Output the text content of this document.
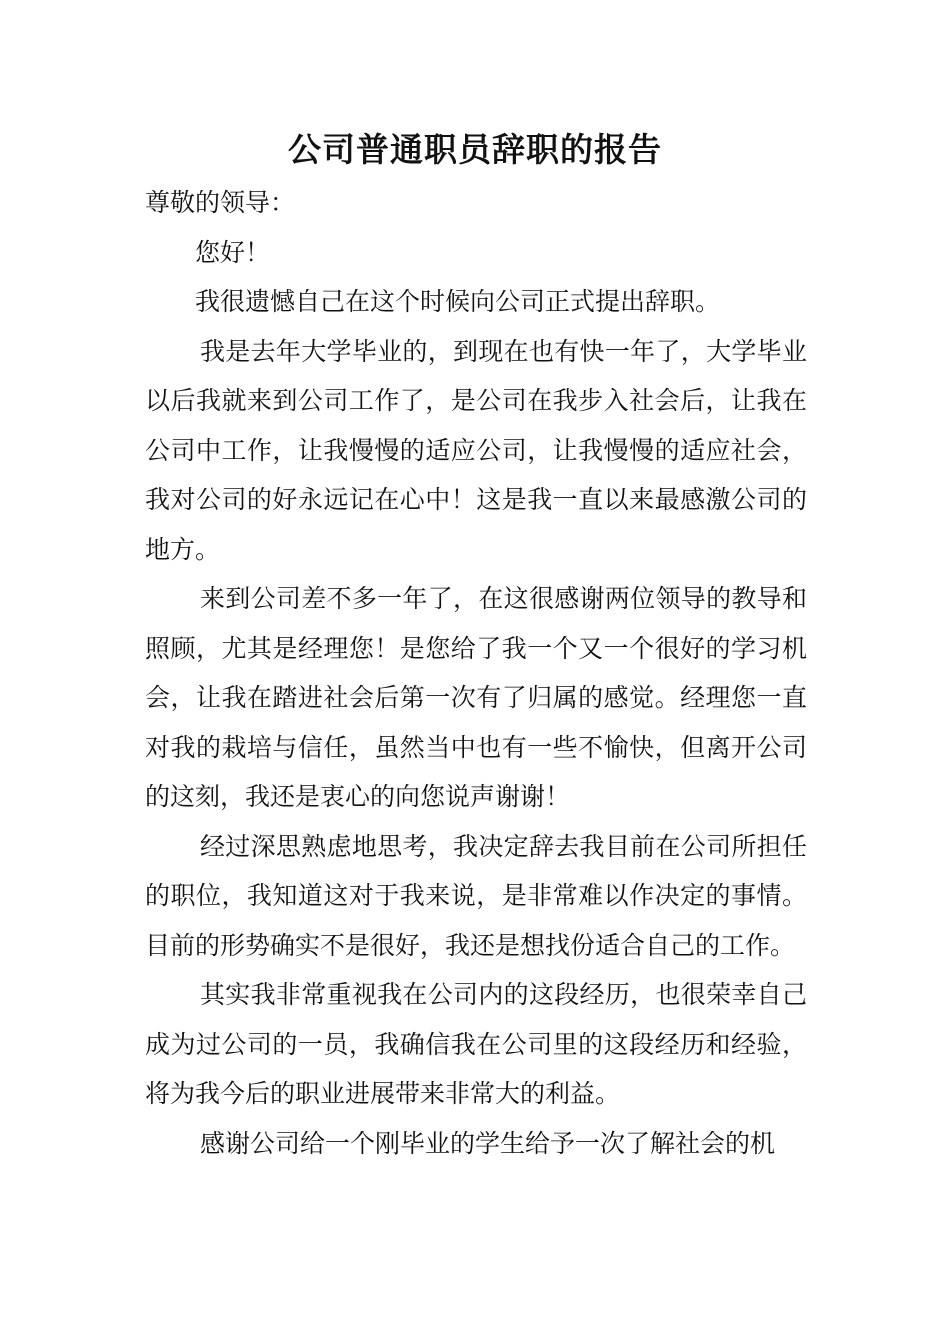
公司普通职员辞职的报告

尊敬的领导：

您好！

我很遗憾自己在这个时候向公司正式提出辞职。

我是去年大学毕业的，到现在也有快一年了，大学毕业以后我就来到公司工作了，是公司在我步入社会后，让我在公司中工作，让我慢慢的适应公司，让我慢慢的适应社会，我对公司的好永远记在心中！这是我一直以来最感激公司的地方。

来到公司差不多一年了，在这很感谢两位领导的教导和照顾，尤其是经理您！是您给了我一个又一个很好的学习机会，让我在踏进社会后第一次有了归属的感觉。经理您一直对我的栽培与信任，虽然当中也有一些不愉快，但离开公司的这刻，我还是衷心的向您说声谢谢！

经过深思熟虑地思考，我决定辞去我目前在公司所担任的职位，我知道这对于我来说，是非常难以作决定的事情。目前的形势确实不是很好，我还是想找份适合自己的工作。

其实我非常重视我在公司内的这段经历，也很荣幸自己成为过公司的一员，我确信我在公司里的这段经历和经验，将为我今后的职业进展带来非常大的利益。

感谢公司给一个刚毕业的学生给予一次了解社会的机
